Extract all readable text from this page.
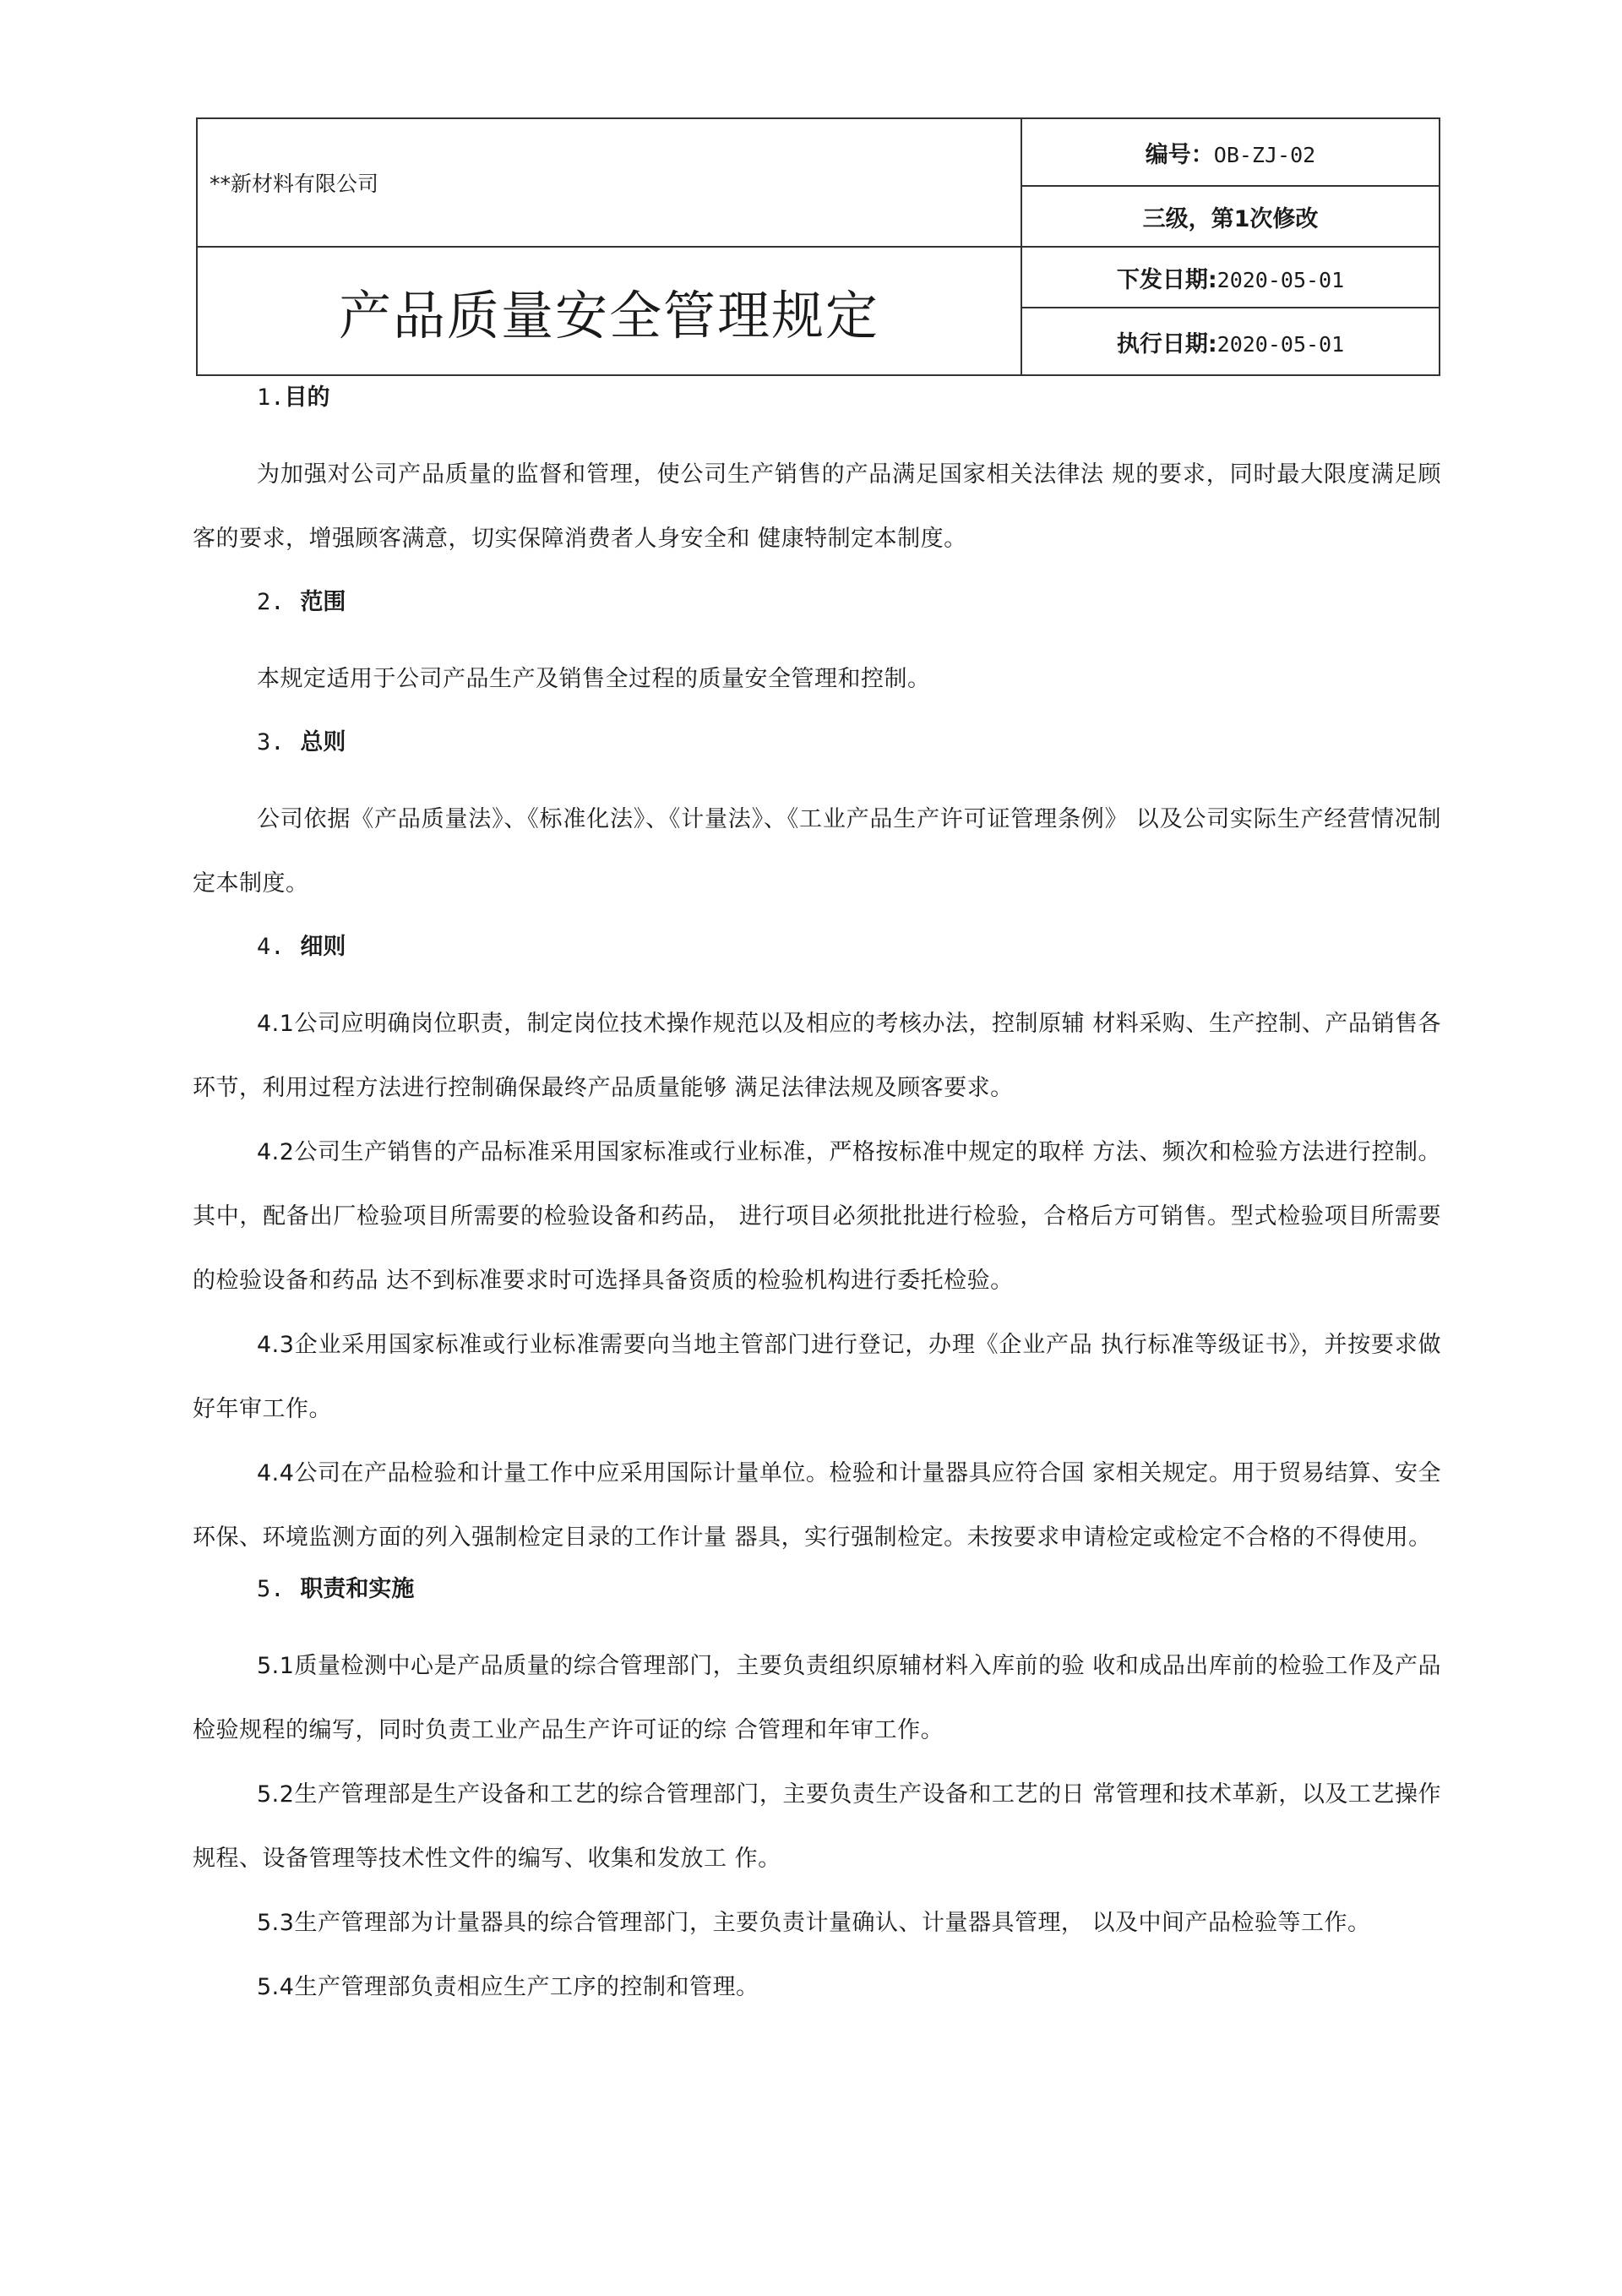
**新材料有限公司	编号：OB-ZJ-02
	三级，第1次修改
产品质量安全管理规定	下发日期:2020-05-01
	执行日期:2020-05-01
1.目的

为加强对公司产品质量的监督和管理，使公司生产销售的产品满足国家相关法律法 规的要求，同时最大限度满足顾客的要求，增强顾客满意，切实保障消费者人身安全和 健康特制定本制度。

2. 范围

本规定适用于公司产品生产及销售全过程的质量安全管理和控制。

3. 总则

公司依据《产品质量法》、《标准化法》、《计量法》、《工业产品生产许可证管理条例》 以及公司实际生产经营情况制定本制度。

4. 细则

4.1公司应明确岗位职责，制定岗位技术操作规范以及相应的考核办法，控制原辅 材料采购、生产控制、产品销售各环节，利用过程方法进行控制确保最终产品质量能够 满足法律法规及顾客要求。

4.2公司生产销售的产品标准采用国家标准或行业标准，严格按标准中规定的取样 方法、频次和检验方法进行控制。其中，配备出厂检验项目所需要的检验设备和药品， 进行项目必须批批进行检验，合格后方可销售。型式检验项目所需要的检验设备和药品 达不到标准要求时可选择具备资质的检验机构进行委托检验。

4.3企业采用国家标准或行业标准需要向当地主管部门进行登记，办理《企业产品 执行标准等级证书》，并按要求做好年审工作。

4.4公司在产品检验和计量工作中应采用国际计量单位。检验和计量器具应符合国 家相关规定。用于贸易结算、安全环保、环境监测方面的列入强制检定目录的工作计量 器具，实行强制检定。未按要求申请检定或检定不合格的不得使用。

5. 职责和实施

5.1质量检测中心是产品质量的综合管理部门，主要负责组织原辅材料入库前的验 收和成品出库前的检验工作及产品检验规程的编写，同时负责工业产品生产许可证的综 合管理和年审工作。

5.2生产管理部是生产设备和工艺的综合管理部门，主要负责生产设备和工艺的日 常管理和技术革新，以及工艺操作规程、设备管理等技术性文件的编写、收集和发放工 作。

5.3生产管理部为计量器具的综合管理部门，主要负责计量确认、计量器具管理， 以及中间产品检验等工作。

5.4生产管理部负责相应生产工序的控制和管理。
